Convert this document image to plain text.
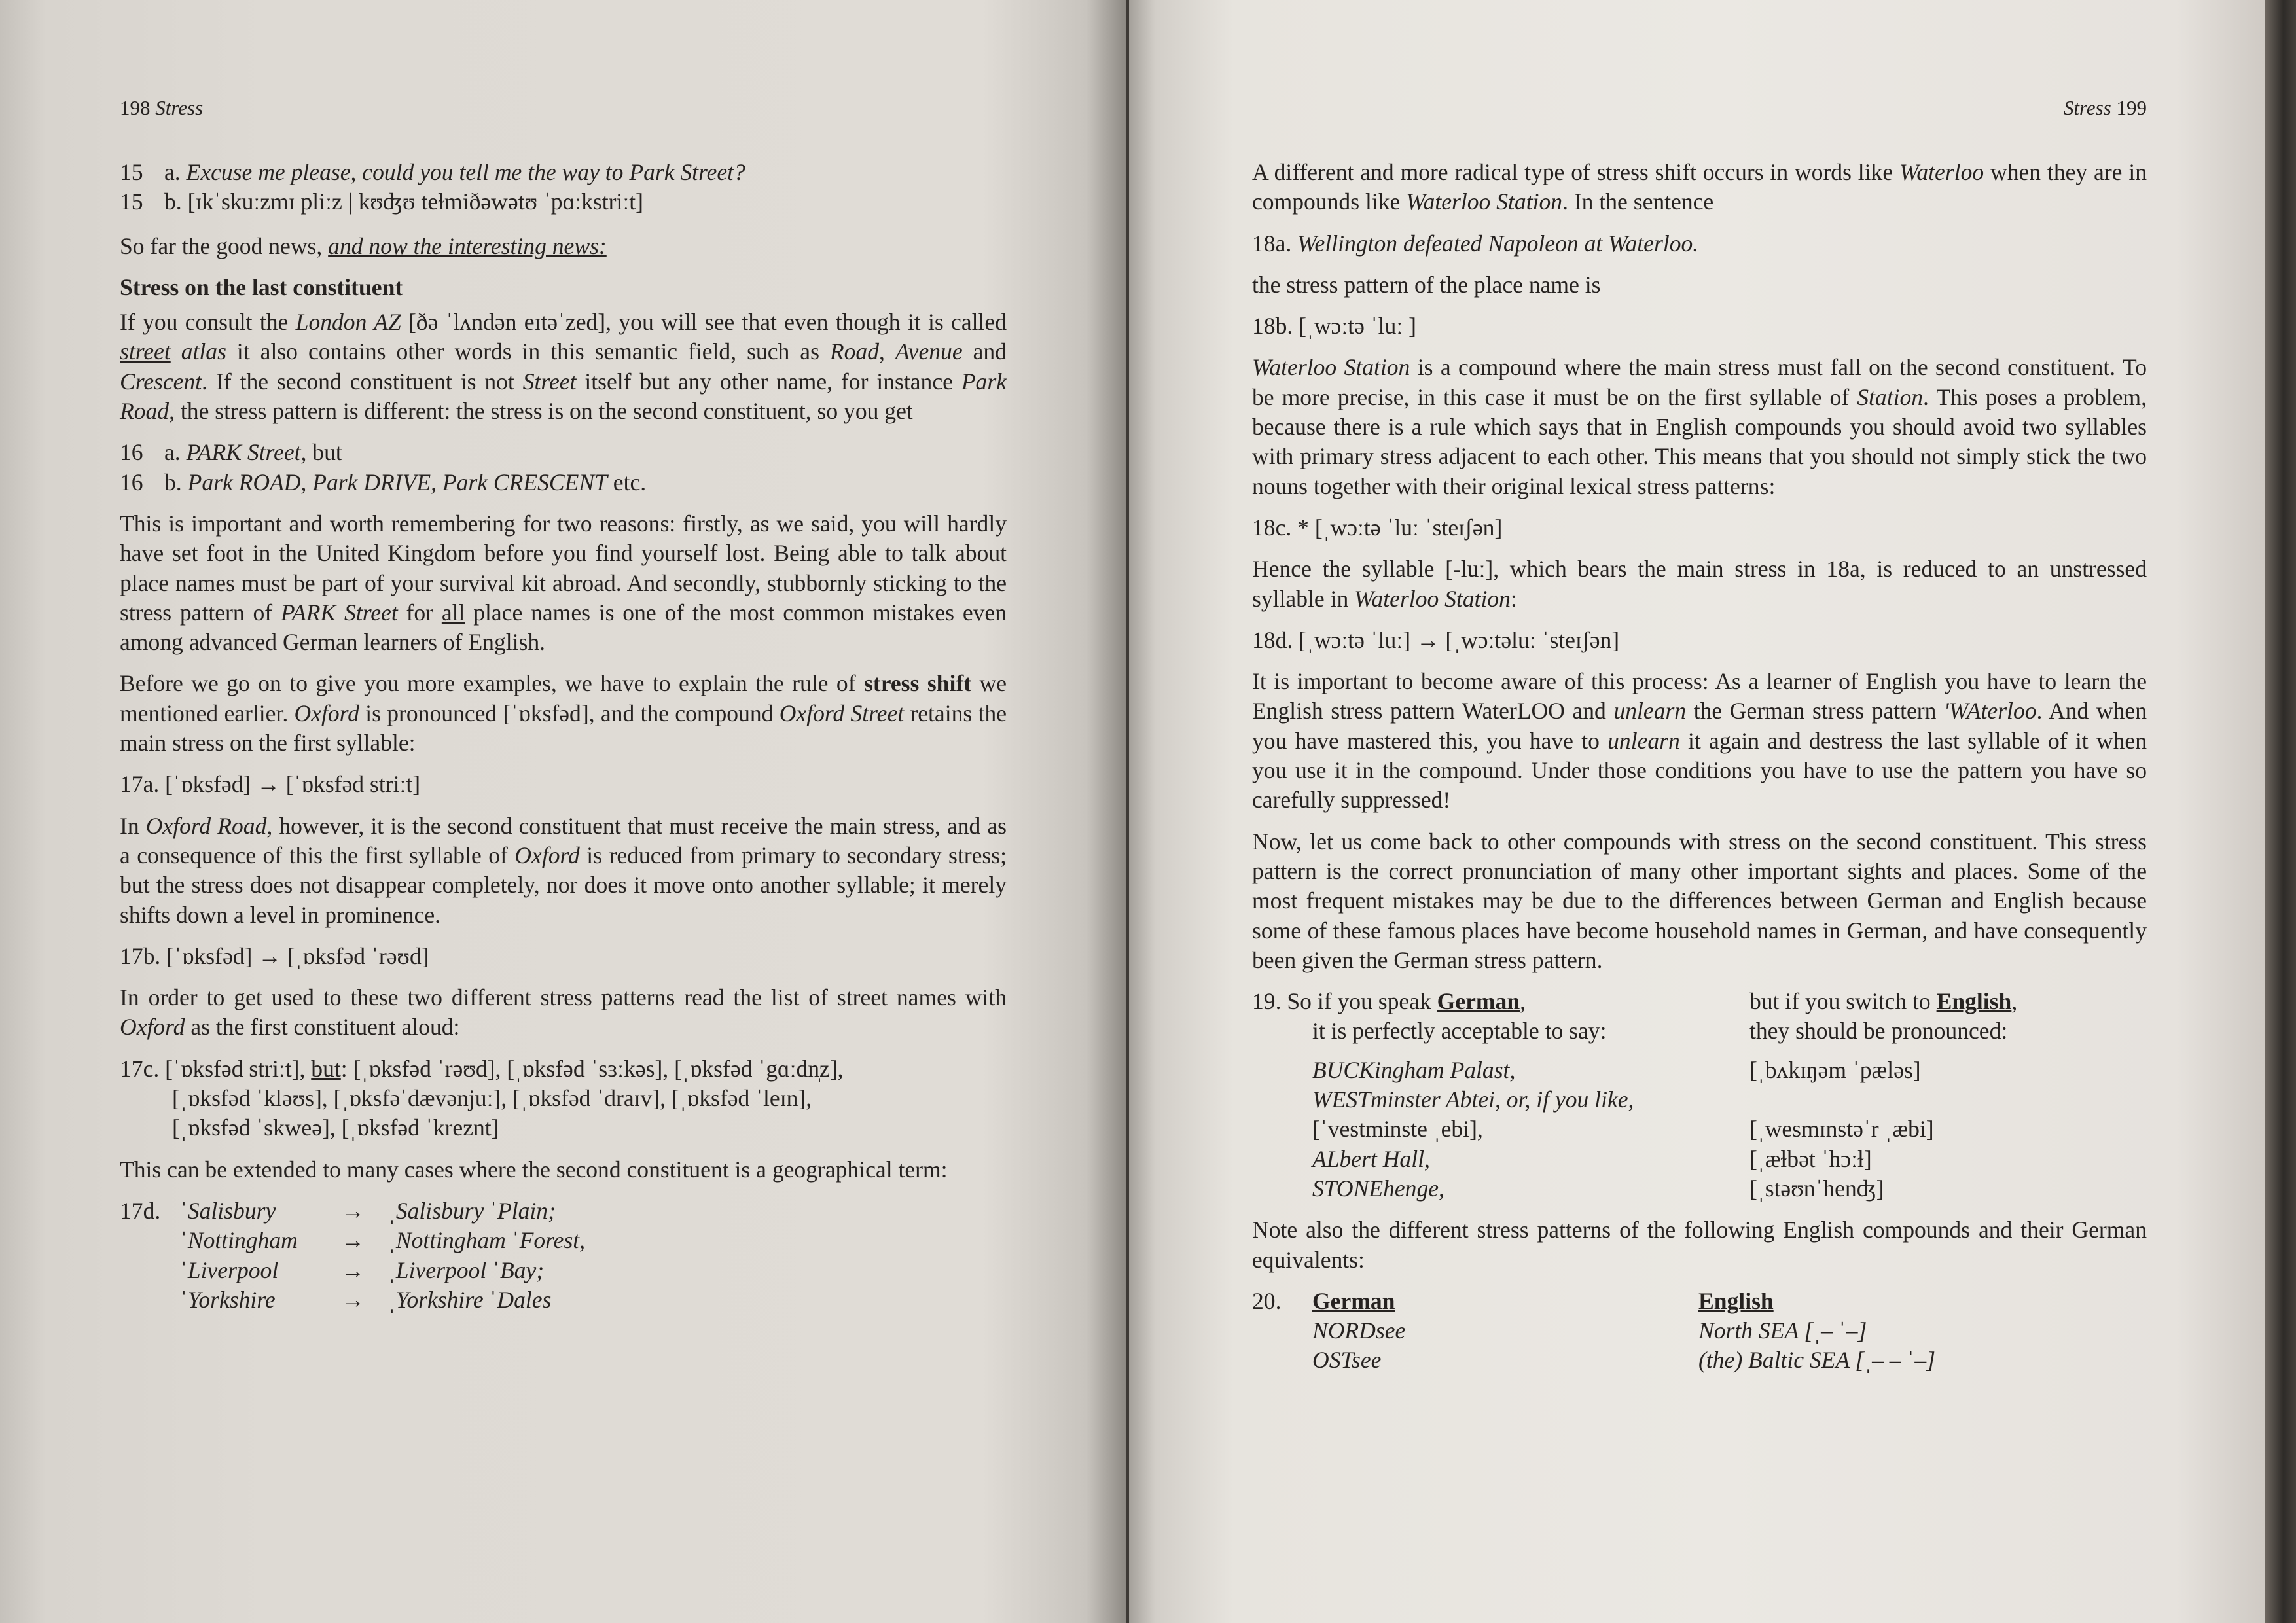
198 Stress
15 a. Excuse me please, could you tell me the way to Park Street?
15 b. [ɪkˈskuːzmɪ pliːz | kʊʤʊ teɫmiðəwətʊ ˈpɑːkstriːt]

So far the good news, and now the interesting news:

Stress on the last constituent

If you consult the London AZ [ðə ˈlʌndən eɪtəˈzed], you will see that even though it is called street atlas it also contains other words in this semantic field, such as Road, Avenue and Crescent. If the second constituent is not Street itself but any other name, for instance Park Road, the stress pattern is different: the stress is on the second constituent, so you get

16 a. PARK Street, but
16 b. Park ROAD, Park DRIVE, Park CRESCENT etc.

This is important and worth remembering for two reasons: firstly, as we said, you will hardly have set foot in the United Kingdom before you find yourself lost. Being able to talk about place names must be part of your survival kit abroad. And secondly, stubbornly sticking to the stress pattern of PARK Street for all place names is one of the most common mistakes even among advanced German learners of English.

Before we go on to give you more examples, we have to explain the rule of stress shift we mentioned earlier. Oxford is pronounced [ˈɒksfəd], and the compound Oxford Street retains the main stress on the first syllable:

17a. [ˈɒksfəd] → [ˈɒksfəd striːt]

In Oxford Road, however, it is the second constituent that must receive the main stress, and as a consequence of this the first syllable of Oxford is reduced from primary to secondary stress; but the stress does not disappear completely, nor does it move onto another syllable; it merely shifts down a level in prominence.

17b. [ˈɒksfəd] → [ˌɒksfəd ˈrəʊd]

In order to get used to these two different stress patterns read the list of street names with Oxford as the first constituent aloud:

17c. [ˈɒksfəd striːt], but: [ˌɒksfəd ˈrəʊd], [ˌɒksfəd ˈsɜːkəs], [ˌɒksfəd ˈgɑːdn̩z],
[ˌɒksfəd ˈkləʊs], [ˌɒksfəˈdævənjuː], [ˌɒksfəd ˈdraɪv], [ˌɒksfəd ˈleɪn],
[ˌɒksfəd ˈskweə], [ˌɒksfəd ˈkreznt]

This can be extended to many cases where the second constituent is a geographical term:

17d. ˈSalisbury	→	ˌSalisbury ˈPlain;
ˈNottingham	→	ˌNottingham ˈForest,
ˈLiverpool	→	ˌLiverpool ˈBay;
ˈYorkshire	→	ˌYorkshire ˈDales
Stress 199

A different and more radical type of stress shift occurs in words like Waterloo when they are in compounds like Waterloo Station. In the sentence

18a. Wellington defeated Napoleon at Waterloo.

the stress pattern of the place name is

18b. [ˌwɔːtə ˈluː ]

Waterloo Station is a compound where the main stress must fall on the second constituent. To be more precise, in this case it must be on the first syllable of Station. This poses a problem, because there is a rule which says that in English compounds you should avoid two syllables with primary stress adjacent to each other. This means that you should not simply stick the two nouns together with their original lexical stress patterns:

18c. * [ˌwɔːtə ˈluː ˈsteɪʃən]

Hence the syllable [-luː], which bears the main stress in 18a, is reduced to an unstressed syllable in Waterloo Station:

18d. [ˌwɔːtə ˈluː] → [ˌwɔːtəluː ˈsteɪʃən]

It is important to become aware of this process: As a learner of English you have to learn the English stress pattern WaterLOO and unlearn the German stress pattern 'WAterloo. And when you have mastered this, you have to unlearn it again and destress the last syllable of it when you use it in the compound. Under those conditions you have to use the pattern you have so carefully suppressed!

Now, let us come back to other compounds with stress on the second constituent. This stress pattern is the correct pronunciation of many other important sights and places. Some of the most frequent mistakes may be due to the differences between German and English because some of these famous places have become household names in German, and have consequently been given the German stress pattern.

19. So if you speak German,	but if you switch to English,
it is perfectly acceptable to say:	they should be pronounced:
BUCKingham Palast,	[ˌbʌkɪŋəm ˈpæləs]
WESTminster Abtei, or, if you like,
[ˈvestminste ˌebi],	[ˌwesmɪnstəˈr ˌæbi]
ALbert Hall,	[ˌæɫbət ˈhɔːɫ]
STONEhenge,	[ˌstəʊnˈhenʤ]

Note also the different stress patterns of the following English compounds and their German equivalents:

20.	German	English
NORDsee	North SEA [ˌ– ˈ–]
OSTsee	(the) Baltic SEA [ˌ– – ˈ–]
